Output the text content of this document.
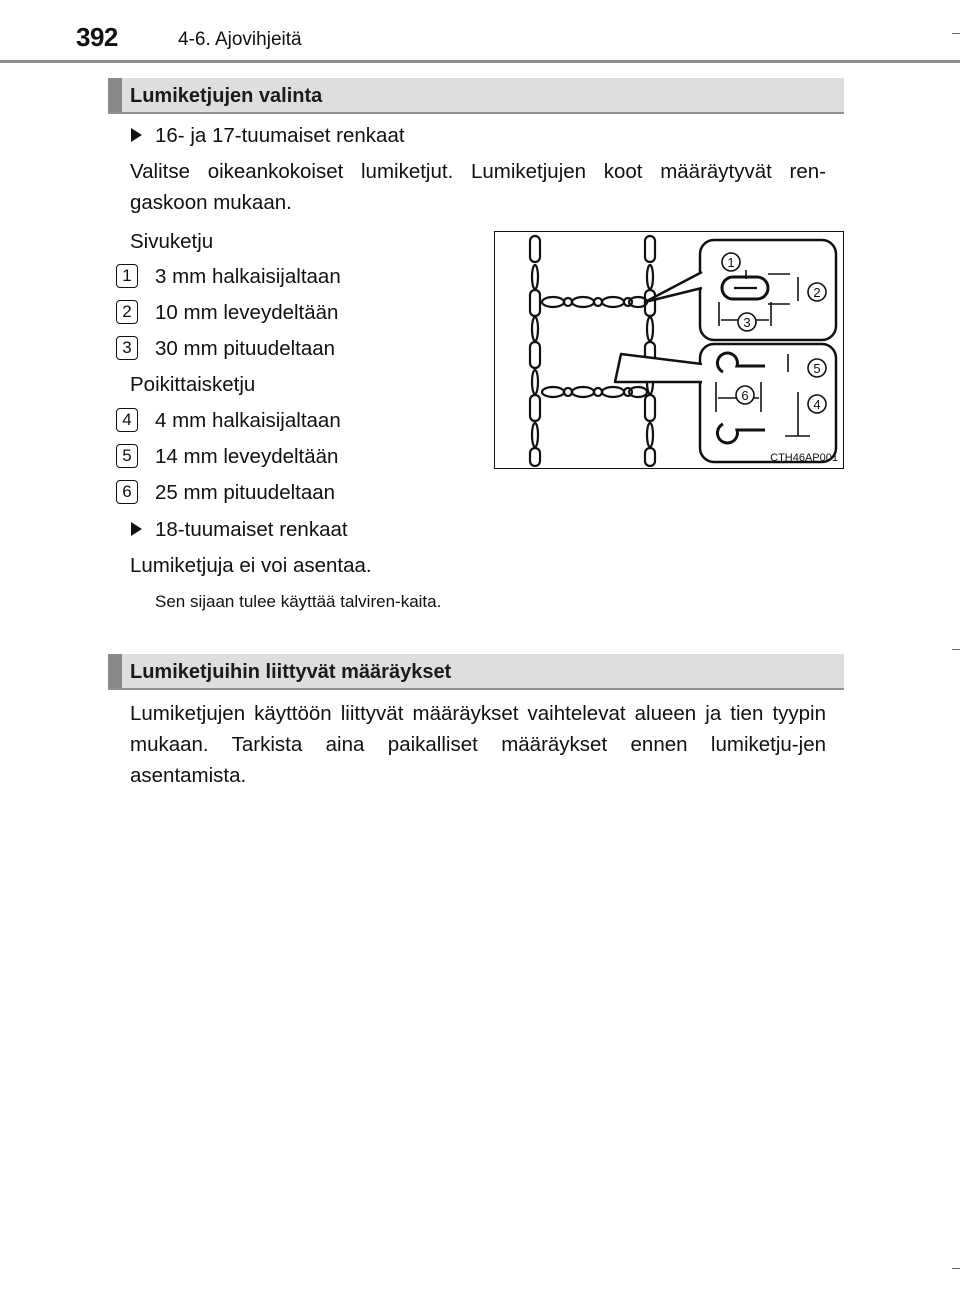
392	4-6. Ajovihjeitä
Lumiketjujen valinta
16- ja 17-tuumaiset renkaat
Valitse oikeankokoiset lumiketjut. Lumiketjujen koot määräytyvät ren-gaskoon mukaan.
Sivuketju
1	3 mm halkaisijaltaan
2	10 mm leveydeltään
3	30 mm pituudeltaan
Poikittaisketju
4	4 mm halkaisijaltaan
5	14 mm leveydeltään
6	25 mm pituudeltaan
18-tuumaiset renkaat
Lumiketjuja ei voi asentaa.
Sen sijaan tulee käyttää talviren-kaita.
1
2
3
4
5
6
CTH46AP001
Lumiketjuihin liittyvät määräykset
Lumiketjujen käyttöön liittyvät määräykset vaihtelevat alueen ja tien tyypin mukaan. Tarkista aina paikalliset määräykset ennen lumiketju-jen asentamista.
